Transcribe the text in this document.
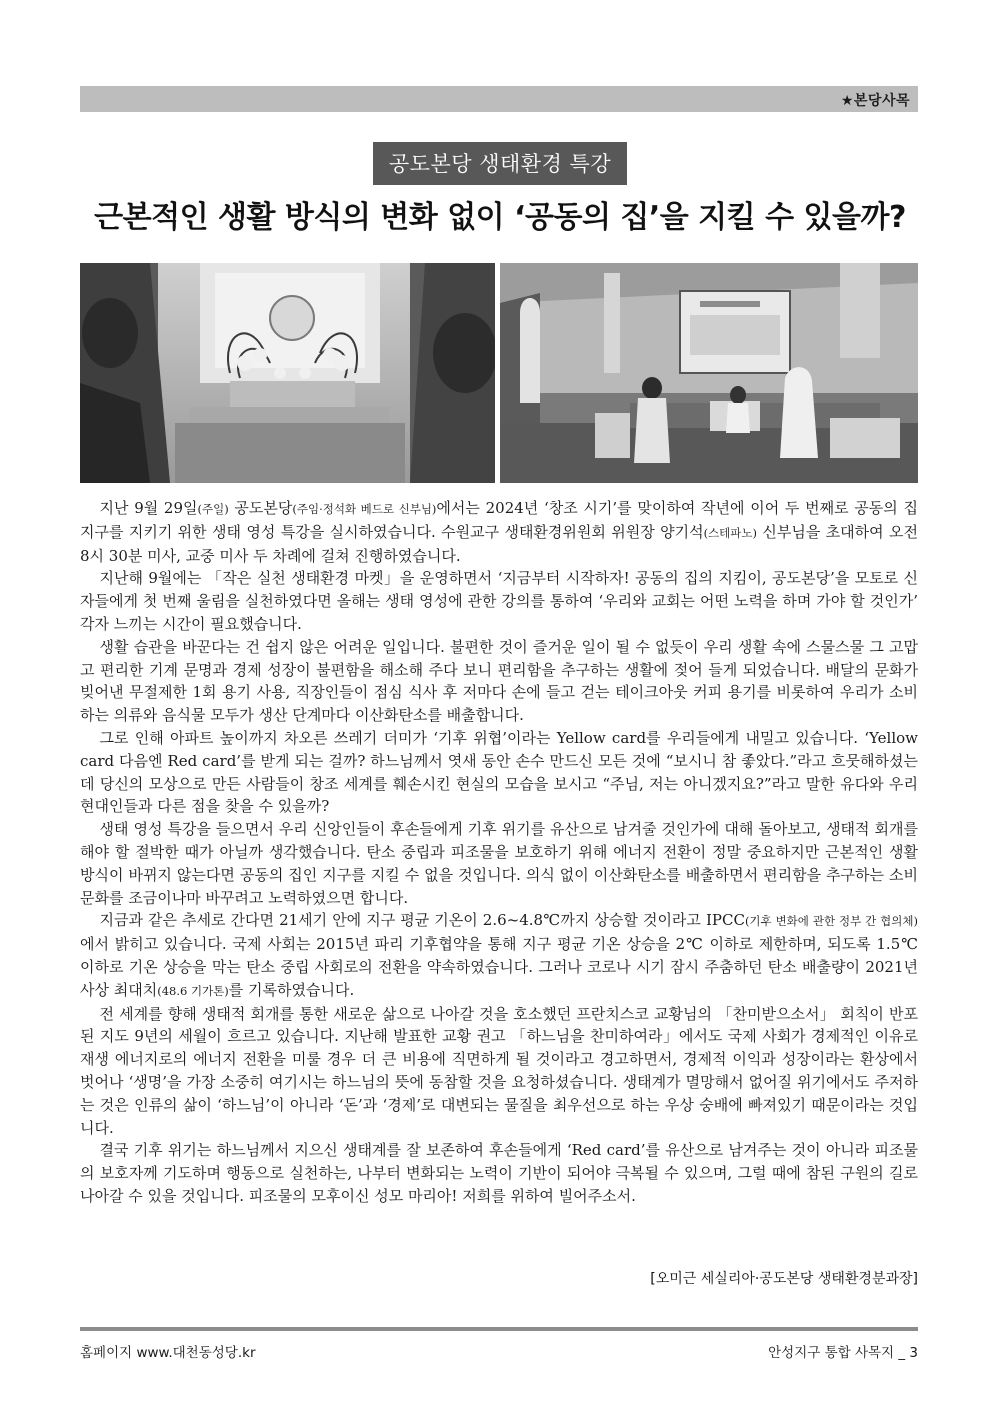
★본당사목
공도본당 생태환경 특강
근본적인 생활 방식의 변화 없이 ‘공동의 집’을 지킬 수 있을까?

지난 9월 29일(주일) 공도본당(주임·정석화 베드로 신부님)에서는 2024년 ‘창조 시기’를 맞이하여 작년에 이어 두 번째로 공동의 집 지구를 지키기 위한 생태 영성 특강을 실시하였습니다. 수원교구 생태환경위원회 위원장 양기석(스테파노) 신부님을 초대하여 오전 8시 30분 미사, 교중 미사 두 차례에 걸쳐 진행하였습니다.

지난해 9월에는 「작은 실천 생태환경 마켓」을 운영하면서 ‘지금부터 시작하자! 공동의 집의 지킴이, 공도본당’을 모토로 신자들에게 첫 번째 울림을 실천하였다면 올해는 생태 영성에 관한 강의를 통하여 ‘우리와 교회는 어떤 노력을 하며 가야 할 것인가’ 각자 느끼는 시간이 필요했습니다.

생활 습관을 바꾼다는 건 쉽지 않은 어려운 일입니다. 불편한 것이 즐거운 일이 될 수 없듯이 우리 생활 속에 스물스물 그 고맙고 편리한 기계 문명과 경제 성장이 불편함을 해소해 주다 보니 편리함을 추구하는 생활에 젖어 들게 되었습니다. 배달의 문화가 빚어낸 무절제한 1회 용기 사용, 직장인들이 점심 식사 후 저마다 손에 들고 걷는 테이크아웃 커피 용기를 비롯하여 우리가 소비하는 의류와 음식물 모두가 생산 단계마다 이산화탄소를 배출합니다.

그로 인해 아파트 높이까지 차오른 쓰레기 더미가 ‘기후 위협’이라는 Yellow card를 우리들에게 내밀고 있습니다. ‘Yellow card 다음엔 Red card’를 받게 되는 걸까? 하느님께서 엿새 동안 손수 만드신 모든 것에 “보시니 참 좋았다.”라고 흐뭇해하셨는데 당신의 모상으로 만든 사람들이 창조 세계를 훼손시킨 현실의 모습을 보시고 “주님, 저는 아니겠지요?”라고 말한 유다와 우리 현대인들과 다른 점을 찾을 수 있을까?

생태 영성 특강을 들으면서 우리 신앙인들이 후손들에게 기후 위기를 유산으로 남겨줄 것인가에 대해 돌아보고, 생태적 회개를 해야 할 절박한 때가 아닐까 생각했습니다. 탄소 중립과 피조물을 보호하기 위해 에너지 전환이 정말 중요하지만 근본적인 생활 방식이 바뀌지 않는다면 공동의 집인 지구를 지킬 수 없을 것입니다. 의식 없이 이산화탄소를 배출하면서 편리함을 추구하는 소비문화를 조금이나마 바꾸려고 노력하였으면 합니다.

지금과 같은 추세로 간다면 21세기 안에 지구 평균 기온이 2.6~4.8℃까지 상승할 것이라고 IPCC(기후 변화에 관한 정부 간 협의체)에서 밝히고 있습니다. 국제 사회는 2015년 파리 기후협약을 통해 지구 평균 기온 상승을 2℃ 이하로 제한하며, 되도록 1.5℃ 이하로 기온 상승을 막는 탄소 중립 사회로의 전환을 약속하였습니다. 그러나 코로나 시기 잠시 주춤하던 탄소 배출량이 2021년 사상 최대치(48.6 기가톤)를 기록하였습니다.

전 세계를 향해 생태적 회개를 통한 새로운 삶으로 나아갈 것을 호소했던 프란치스코 교황님의 「찬미받으소서」 회칙이 반포된 지도 9년의 세월이 흐르고 있습니다. 지난해 발표한 교황 권고 「하느님을 찬미하여라」에서도 국제 사회가 경제적인 이유로 재생 에너지로의 에너지 전환을 미룰 경우 더 큰 비용에 직면하게 될 것이라고 경고하면서, 경제적 이익과 성장이라는 환상에서 벗어나 ‘생명’을 가장 소중히 여기시는 하느님의 뜻에 동참할 것을 요청하셨습니다. 생태계가 멸망해서 없어질 위기에서도 주저하는 것은 인류의 삶이 ‘하느님’이 아니라 ‘돈’과 ‘경제’로 대변되는 물질을 최우선으로 하는 우상 숭배에 빠져있기 때문이라는 것입니다.

결국 기후 위기는 하느님께서 지으신 생태계를 잘 보존하여 후손들에게 ‘Red card’를 유산으로 남겨주는 것이 아니라 피조물의 보호자께 기도하며 행동으로 실천하는, 나부터 변화되는 노력이 기반이 되어야 극복될 수 있으며, 그럴 때에 참된 구원의 길로 나아갈 수 있을 것입니다. 피조물의 모후이신 성모 마리아! 저희를 위하여 빌어주소서.

[오미근 세실리아·공도본당 생태환경분과장]
홈페이지 www.대천동성당.kr	안성지구 통합 사목지 _ 3
